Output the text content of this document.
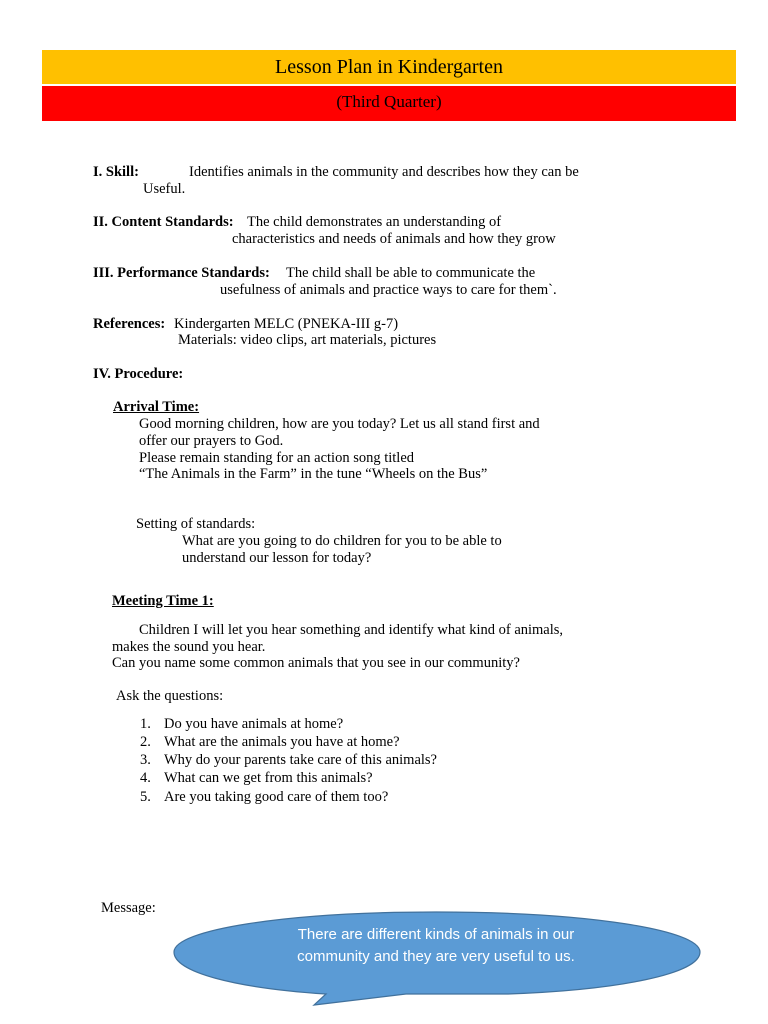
Lesson Plan in Kindergarten
(Third Quarter)
I. Skill:	Identifies animals in the community and describes how they can be
Useful.
II. Content Standards: The child demonstrates an understanding of
characteristics and needs of animals and how they grow
III. Performance Standards: The child shall be able to communicate the
usefulness of animals and practice ways to care for them`.
References: Kindergarten MELC (PNEKA-III g-7)
Materials: video clips, art materials, pictures
IV. Procedure:
Arrival Time:
Good morning children, how are you today? Let us all stand first and
offer our prayers to God.
Please remain standing for an action song titled
“The Animals in the Farm” in the tune “Wheels on the Bus”
Setting of standards:
What are you going to do children for you to be able to
understand our lesson for today?
Meeting Time 1:
Children I will let you hear something and identify what kind of animals,
makes the sound you hear.
Can you name some common animals that you see in our community?
Ask the questions:
1. Do you have animals at home?
2. What are the animals you have at home?
3. Why do your parents take care of this animals?
4. What can we get from this animals?
5. Are you taking good care of them too?
Message:
There are different kinds of animals in our
community and they are very useful to us.
